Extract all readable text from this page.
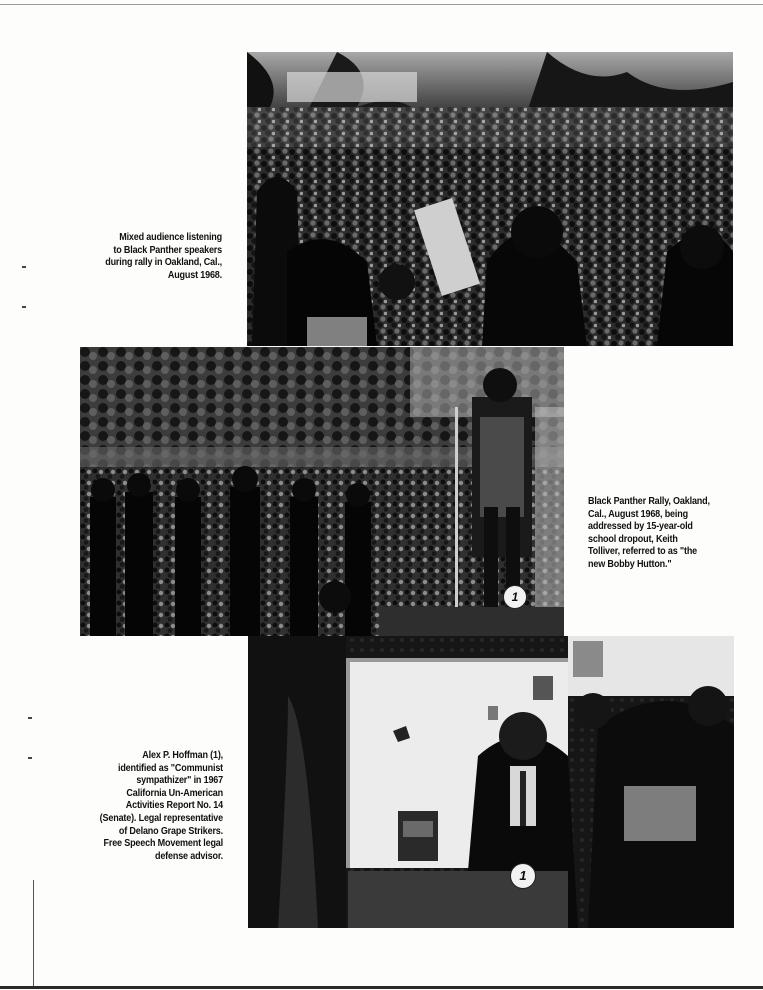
Mixed audience listening
to Black Panther speakers
during rally in Oakland, Cal.,
August 1968.
1
Black Panther Rally, Oakland,
Cal., August 1968, being
addressed by 15-year-old
school dropout, Keith
Tolliver, referred to as "the
new Bobby Hutton."
1
Alex P. Hoffman (1),
identified as "Communist
sympathizer" in 1967
California Un-American
Activities Report No. 14
(Senate). Legal representative
of Delano Grape Strikers.
Free Speech Movement legal
defense advisor.
